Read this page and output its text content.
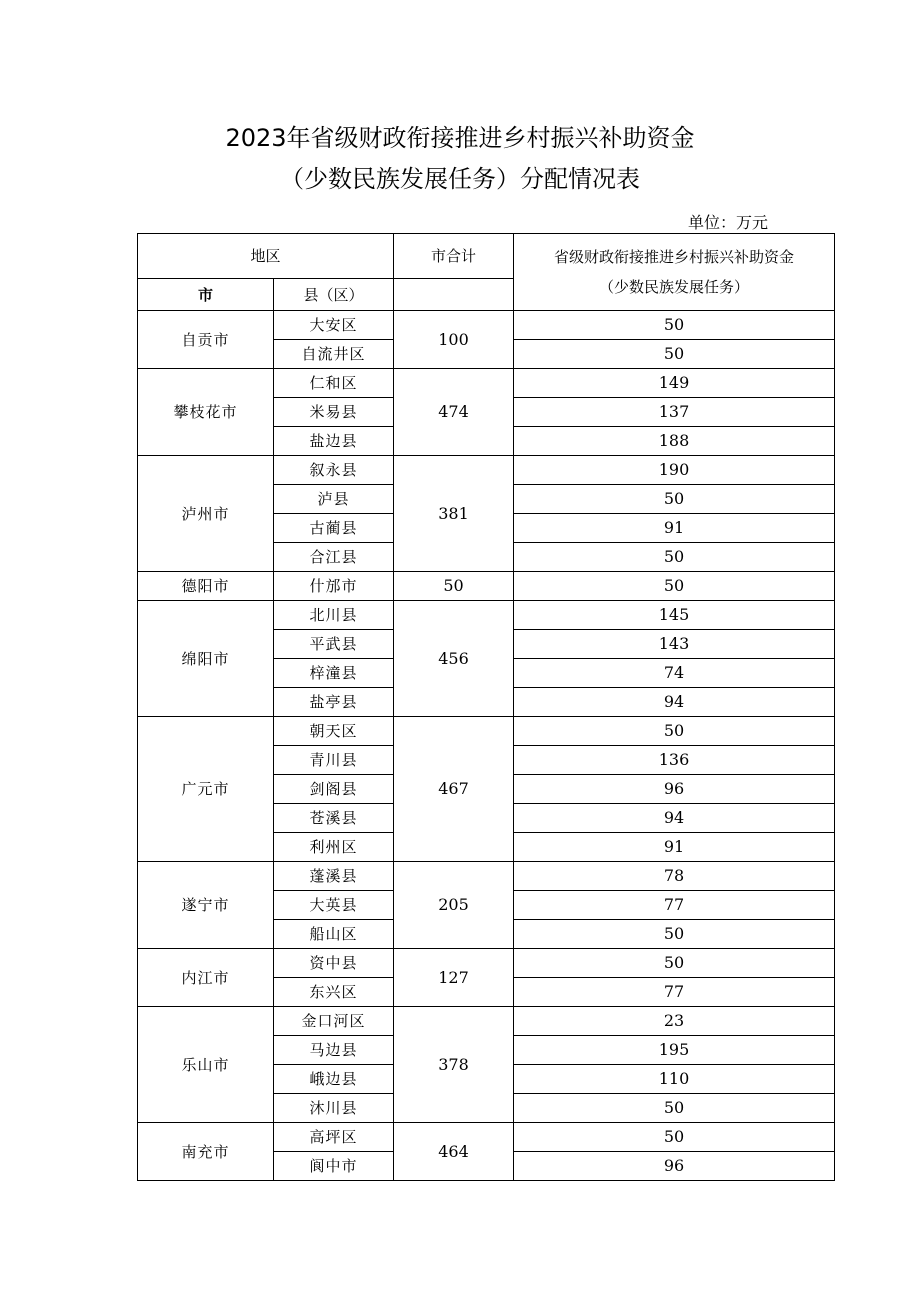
2023年省级财政衔接推进乡村振兴补助资金
（少数民族发展任务）分配情况表
单位：万元
地区		市合计	省级财政衔接推进乡村振兴补助资金
（少数民族发展任务）

市	县（区）		
自贡市	大安区	100	50
	自流井区		50
攀枝花市	仁和区	474	149
	米易县		137
	盐边县		188
泸州市	叙永县	381	190
	泸县		50
	古蔺县		91
	合江县		50
德阳市	什邡市	50	50
绵阳市	北川县	456	145
	平武县		143
	梓潼县		74
	盐亭县		94
广元市	朝天区	467	50
	青川县		136
	剑阁县		96
	苍溪县		94
	利州区		91
遂宁市	蓬溪县	205	78
	大英县		77
	船山区		50
内江市	资中县	127	50
	东兴区		77
乐山市	金口河区	378	23
	马边县		195
	峨边县		110
	沐川县		50
南充市	高坪区	464	50
	阆中市		96
